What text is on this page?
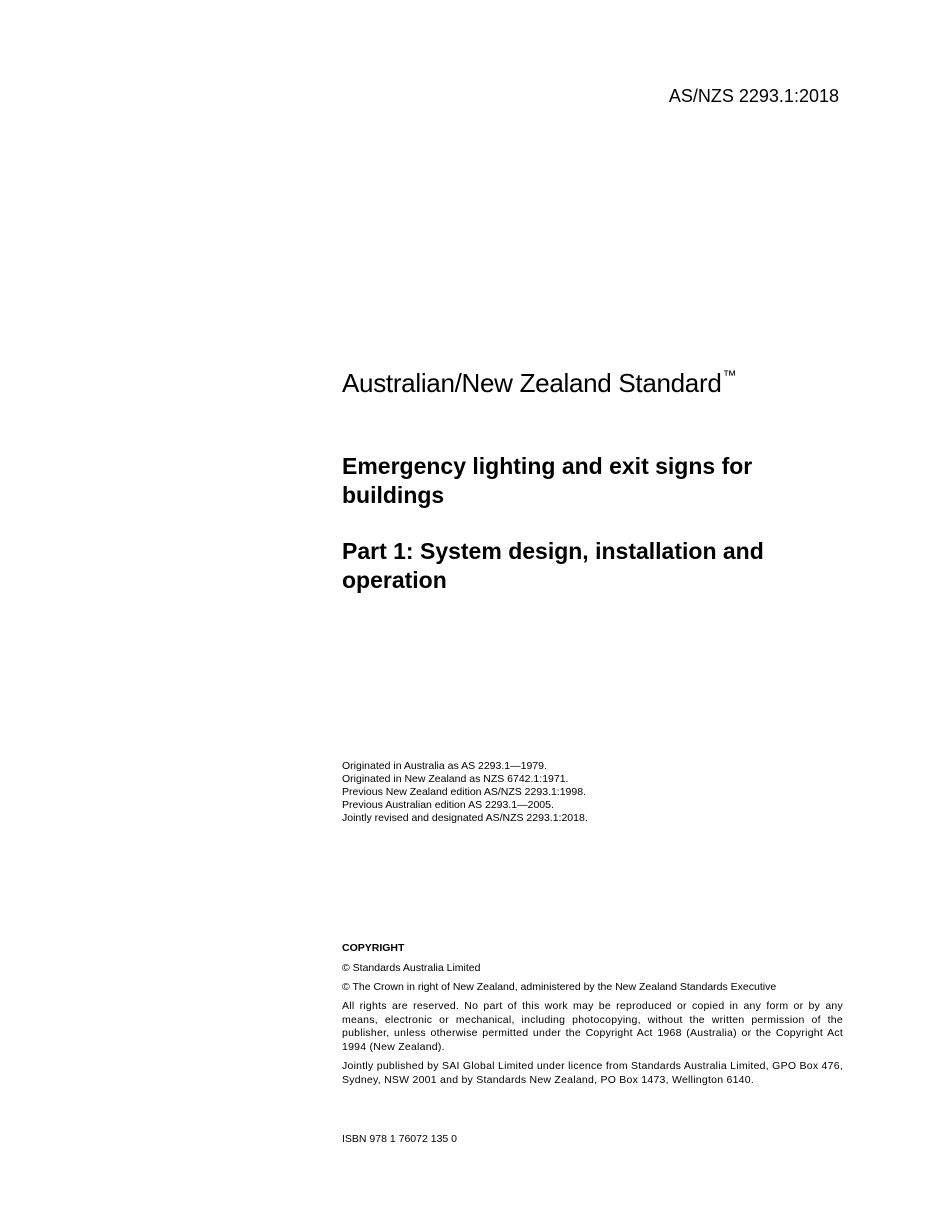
AS/NZS 2293.1:2018
Australian/New Zealand Standard™
Emergency lighting and exit signs for buildings
Part 1: System design, installation and operation
Originated in Australia as AS 2293.1—1979.
Originated in New Zealand as NZS 6742.1:1971.
Previous New Zealand edition AS/NZS 2293.1:1998.
Previous Australian edition AS 2293.1—2005.
Jointly revised and designated AS/NZS 2293.1:2018.
COPYRIGHT

© Standards Australia Limited

© The Crown in right of New Zealand, administered by the New Zealand Standards Executive

All rights are reserved. No part of this work may be reproduced or copied in any form or by any means, electronic or mechanical, including photocopying, without the written permission of the publisher, unless otherwise permitted under the Copyright Act 1968 (Australia) or the Copyright Act 1994 (New Zealand).

Jointly published by SAI Global Limited under licence from Standards Australia Limited, GPO Box 476, Sydney, NSW 2001 and by Standards New Zealand, PO Box 1473, Wellington 6140.

ISBN 978 1 76072 135 0
